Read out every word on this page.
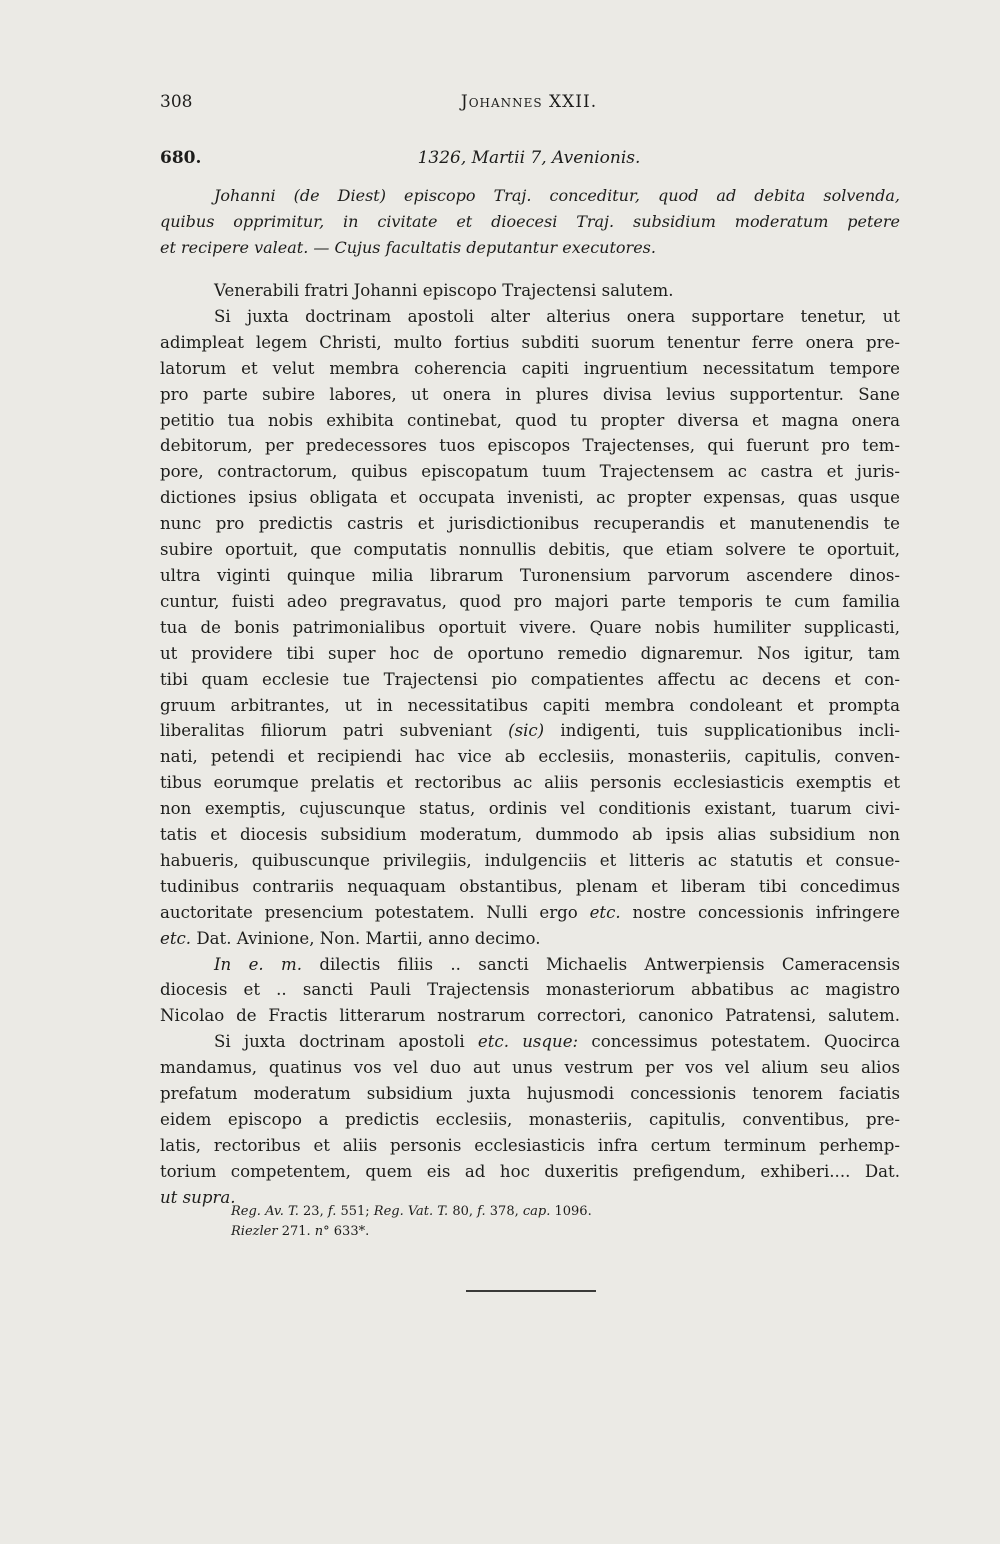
308	Johannes XXII.
680.	1326, Martii 7, Avenionis.
Johanni (de Diest) episcopo Traj. conceditur, quod ad debita solvenda,
quibus opprimitur, in civitate et dioecesi Traj. subsidium moderatum petere
et recipere valeat. — Cujus facultatis deputantur executores.
Venerabili fratri Johanni episcopo Trajectensi salutem.
Si juxta doctrinam apostoli alter alterius onera supportare tenetur, ut
adimpleat legem Christi, multo fortius subditi suorum tenentur ferre onera pre-
latorum et velut membra coherencia capiti ingruentium necessitatum tempore
pro parte subire labores, ut onera in plures divisa levius supportentur. Sane
petitio tua nobis exhibita continebat, quod tu propter diversa et magna onera
debitorum, per predecessores tuos episcopos Trajectenses, qui fuerunt pro tem-
pore, contractorum, quibus episcopatum tuum Trajectensem ac castra et juris-
dictiones ipsius obligata et occupata invenisti, ac propter expensas, quas usque
nunc pro predictis castris et jurisdictionibus recuperandis et manutenendis te
subire oportuit, que computatis nonnullis debitis, que etiam solvere te oportuit,
ultra viginti quinque milia librarum Turonensium parvorum ascendere dinos-
cuntur, fuisti adeo pregravatus, quod pro majori parte temporis te cum familia
tua de bonis patrimonialibus oportuit vivere. Quare nobis humiliter supplicasti,
ut providere tibi super hoc de oportuno remedio dignaremur. Nos igitur, tam
tibi quam ecclesie tue Trajectensi pio compatientes affectu ac decens et con-
gruum arbitrantes, ut in necessitatibus capiti membra condoleant et prompta
liberalitas filiorum patri subveniant (sic) indigenti, tuis supplicationibus incli-
nati, petendi et recipiendi hac vice ab ecclesiis, monasteriis, capitulis, conven-
tibus eorumque prelatis et rectoribus ac aliis personis ecclesiasticis exemptis et
non exemptis, cujuscunque status, ordinis vel conditionis existant, tuarum civi-
tatis et diocesis subsidium moderatum, dummodo ab ipsis alias subsidium non
habueris, quibuscunque privilegiis, indulgenciis et litteris ac statutis et consue-
tudinibus contrariis nequaquam obstantibus, plenam et liberam tibi concedimus
auctoritate presencium potestatem. Nulli ergo etc. nostre concessionis infringere
etc. Dat. Avinione, Non. Martii, anno decimo.
In e. m. dilectis filiis .. sancti Michaelis Antwerpiensis Cameracensis
diocesis et .. sancti Pauli Trajectensis monasteriorum abbatibus ac magistro
Nicolao de Fractis litterarum nostrarum correctori, canonico Patratensi, salutem.
Si juxta doctrinam apostoli etc. usque: concessimus potestatem. Quocirca
mandamus, quatinus vos vel duo aut unus vestrum per vos vel alium seu alios
prefatum moderatum subsidium juxta hujusmodi concessionis tenorem faciatis
eidem episcopo a predictis ecclesiis, monasteriis, capitulis, conventibus, pre-
latis, rectoribus et aliis personis ecclesiasticis infra certum terminum perhemp-
torium competentem, quem eis ad hoc duxeritis prefigendum, exhiberi.... Dat.
ut supra.
Reg. Av. T. 23, f. 551; Reg. Vat. T. 80, f. 378, cap. 1096.
Riezler 271. n° 633*.
